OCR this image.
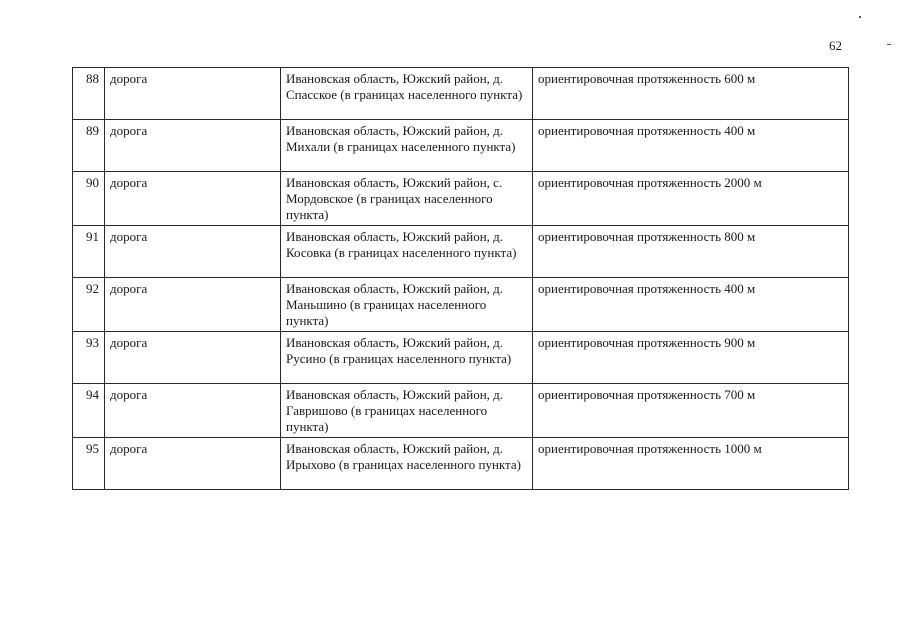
62
88	дорога	Ивановская область, Южский район, д. Спасское (в границах населенного пункта)	ориентировочная протяженность 600 м
89	дорога	Ивановская область, Южский район, д. Михали (в границах населенного пункта)	ориентировочная протяженность 400 м
90	дорога	Ивановская область, Южский район, с. Мордовское (в границах населенного пункта)	ориентировочная протяженность 2000 м
91	дорога	Ивановская область, Южский район, д. Косовка (в границах населенного пункта)	ориентировочная протяженность 800 м
92	дорога	Ивановская область, Южский район, д. Маньшино (в границах населенного пункта)	ориентировочная протяженность 400 м
93	дорога	Ивановская область, Южский район, д. Русино (в границах населенного пункта)	ориентировочная протяженность 900 м
94	дорога	Ивановская область, Южский район, д. Гавришово (в границах населенного пункта)	ориентировочная протяженность 700 м
95	дорога	Ивановская область, Южский район, д. Ирыхово (в границах населенного пункта)	ориентировочная протяженность 1000 м
